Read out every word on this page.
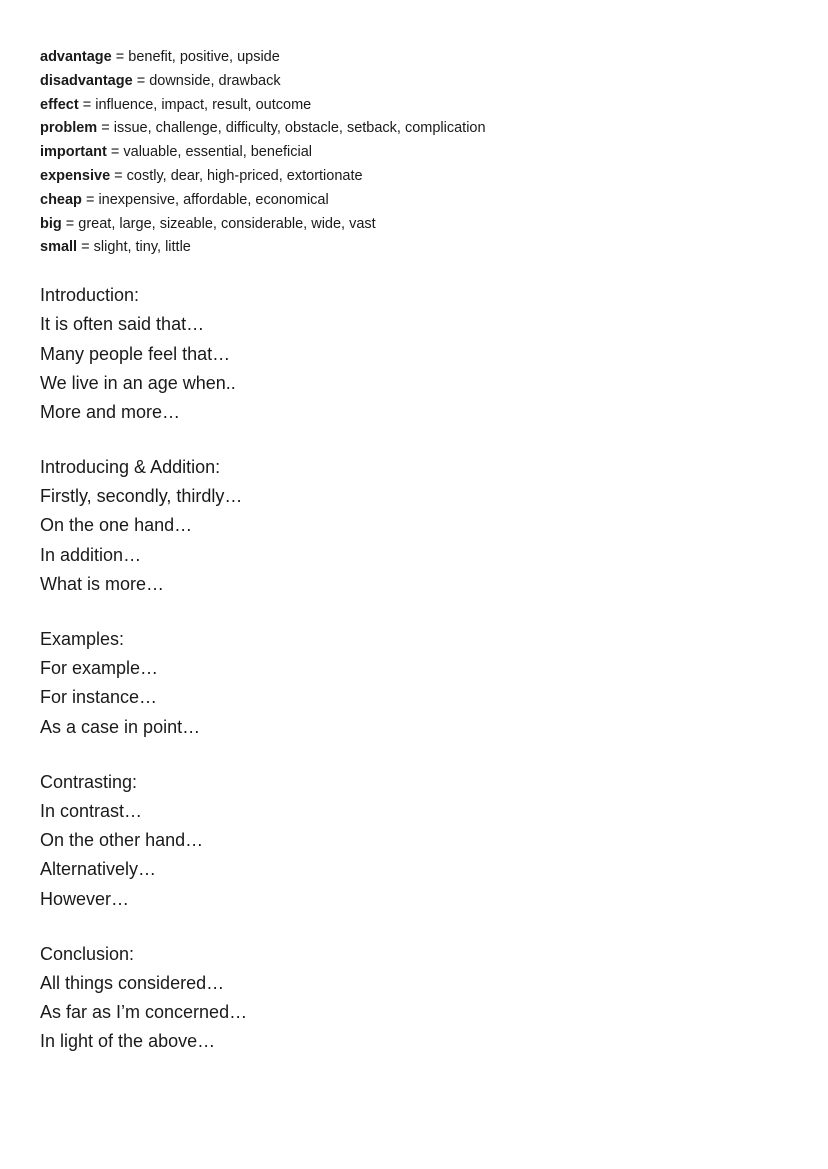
advantage = benefit, positive, upside
disadvantage = downside, drawback
effect = influence, impact, result, outcome
problem = issue, challenge, difficulty, obstacle, setback, complication
important = valuable, essential, beneficial
expensive = costly, dear, high-priced, extortionate
cheap = inexpensive, affordable, economical
big = great, large, sizeable, considerable, wide, vast
small = slight, tiny, little
Introduction:
It is often said that…
Many people feel that…
We live in an age when..
More and more…
Introducing & Addition:
Firstly, secondly, thirdly…
On the one hand…
In addition…
What is more…
Examples:
For example…
For instance…
As a case in point…
Contrasting:
In contrast…
On the other hand…
Alternatively…
However…
Conclusion:
All things considered…
As far as I’m concerned…
In light of the above…
